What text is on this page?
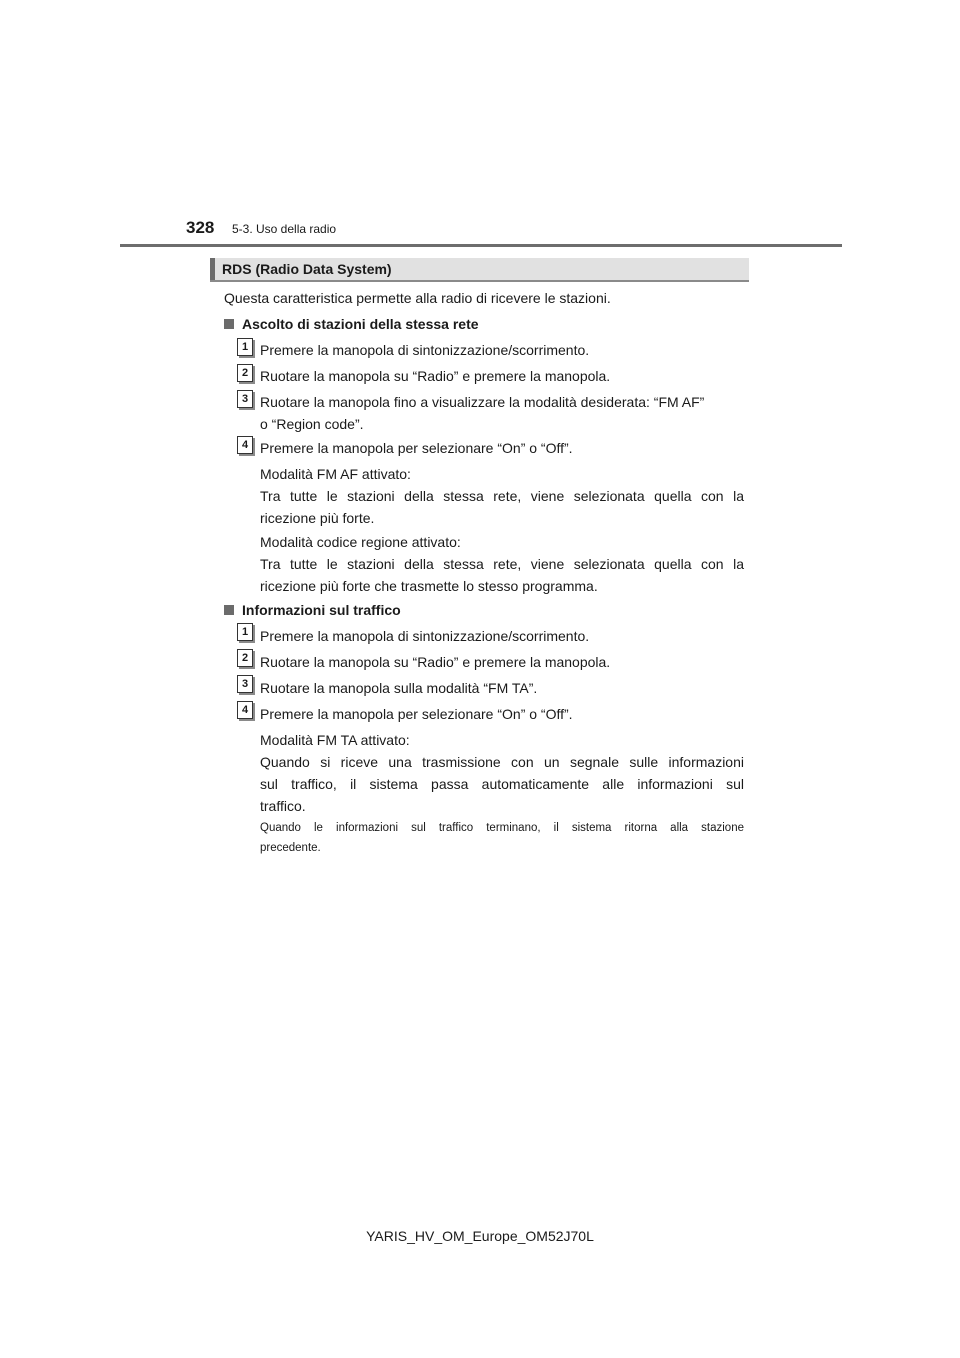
328 5-3. Uso della radio
RDS (Radio Data System)
Questa caratteristica permette alla radio di ricevere le stazioni.
Ascolto di stazioni della stessa rete
1 Premere la manopola di sintonizzazione/scorrimento.
2 Ruotare la manopola su “Radio” e premere la manopola.
3 Ruotare la manopola fino a visualizzare la modalità desiderata: “FM AF”
o “Region code”.
4 Premere la manopola per selezionare “On” o “Off”.
Modalità FM AF attivato:
Tra tutte le stazioni della stessa rete, viene selezionata quella con la
ricezione più forte.
Modalità codice regione attivato:
Tra tutte le stazioni della stessa rete, viene selezionata quella con la
ricezione più forte che trasmette lo stesso programma.
Informazioni sul traffico
1 Premere la manopola di sintonizzazione/scorrimento.
2 Ruotare la manopola su “Radio” e premere la manopola.
3 Ruotare la manopola sulla modalità “FM TA”.
4 Premere la manopola per selezionare “On” o “Off”.
Modalità FM TA attivato:
Quando si riceve una trasmissione con un segnale sulle informazioni
sul traffico, il sistema passa automaticamente alle informazioni sul
traffico.
Quando le informazioni sul traffico terminano, il sistema ritorna alla stazione
precedente.
YARIS_HV_OM_Europe_OM52J70L
